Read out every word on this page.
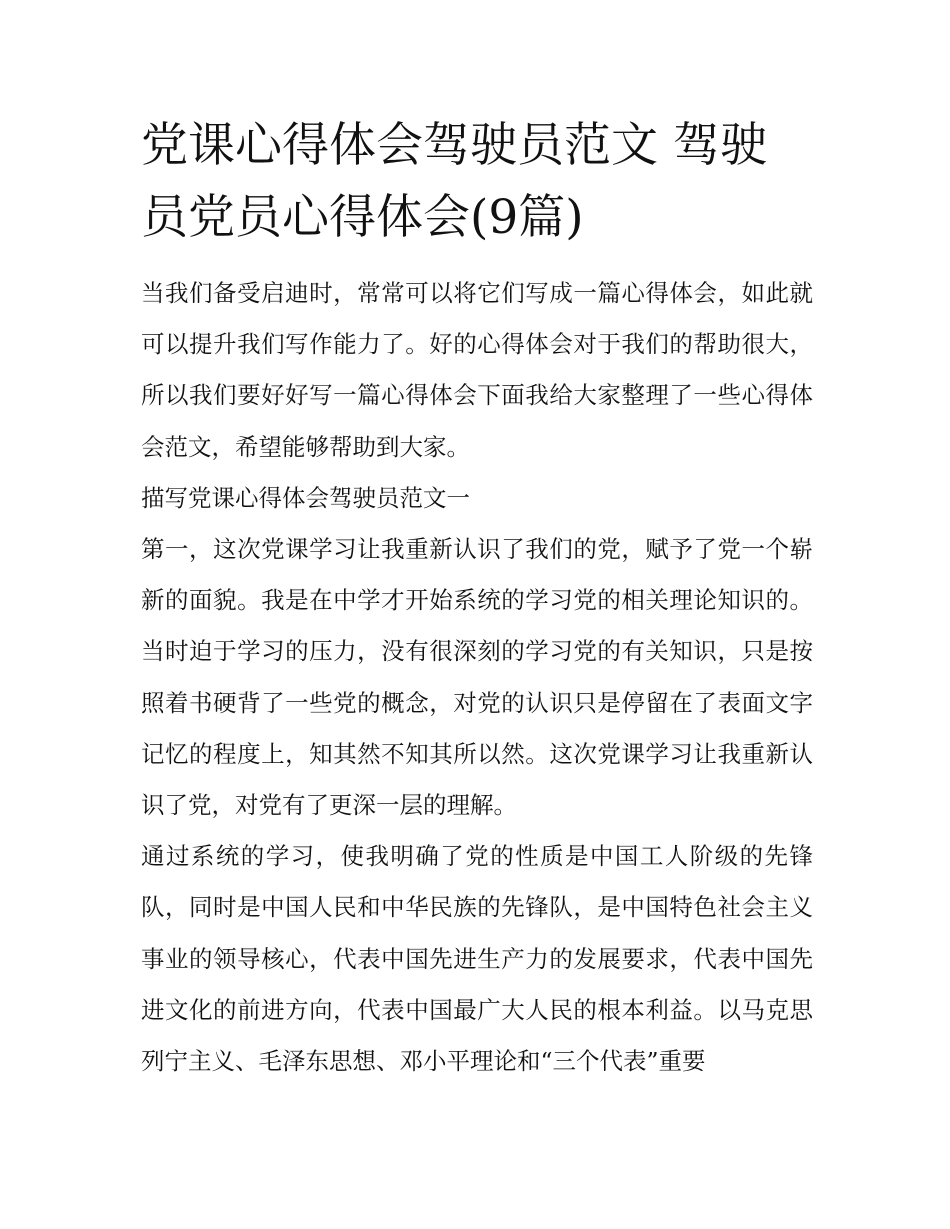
党课心得体会驾驶员范文 驾驶员党员心得体会(9篇)

当我们备受启迪时，常常可以将它们写成一篇心得体会，如此就可以提升我们写作能力了。好的心得体会对于我们的帮助很大，所以我们要好好写一篇心得体会下面我给大家整理了一些心得体会范文，希望能够帮助到大家。

描写党课心得体会驾驶员范文一

第一，这次党课学习让我重新认识了我们的党，赋予了党一个崭新的面貌。我是在中学才开始系统的学习党的相关理论知识的。当时迫于学习的压力，没有很深刻的学习党的有关知识，只是按照着书硬背了一些党的概念，对党的认识只是停留在了表面文字记忆的程度上，知其然不知其所以然。这次党课学习让我重新认识了党，对党有了更深一层的理解。

通过系统的学习，使我明确了党的性质是中国工人阶级的先锋队，同时是中国人民和中华民族的先锋队，是中国特色社会主义事业的领导核心，代表中国先进生产力的发展要求，代表中国先进文化的前进方向，代表中国最广大人民的根本利益。以马克思列宁主义、毛泽东思想、邓小平理论和“三个代表”重要
